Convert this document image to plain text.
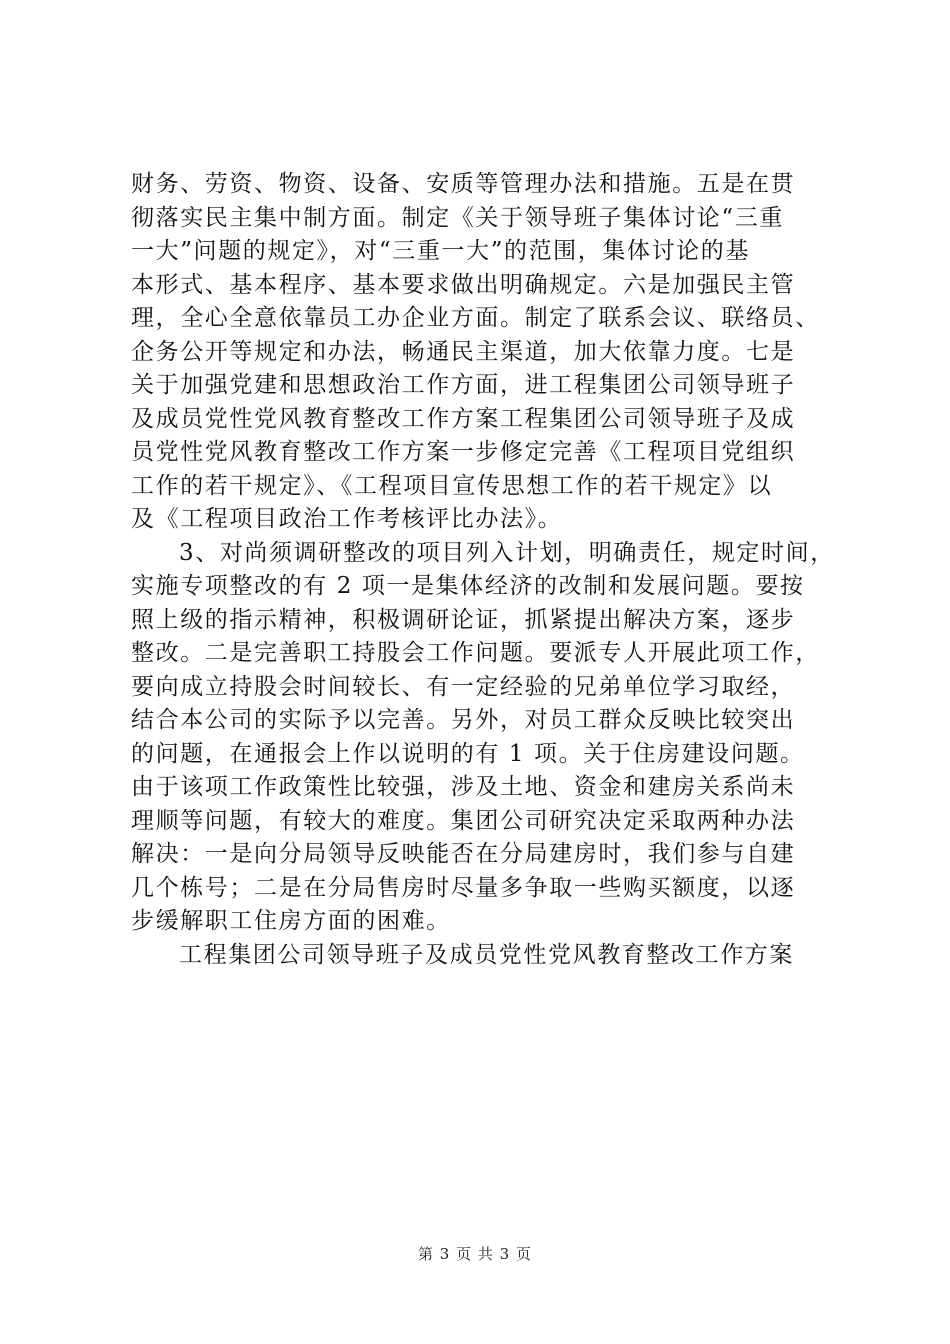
财务、劳资、物资、设备、安质等管理办法和措施。五是在贯
彻落实民主集中制方面。制定《关于领导班子集体讨论“三重
一大”问题的规定》，对“三重一大”的范围，集体讨论的基
本形式、基本程序、基本要求做出明确规定。六是加强民主管
理，全心全意依靠员工办企业方面。制定了联系会议、联络员、
企务公开等规定和办法，畅通民主渠道，加大依靠力度。七是
关于加强党建和思想政治工作方面，进工程集团公司领导班子
及成员党性党风教育整改工作方案工程集团公司领导班子及成
员党性党风教育整改工作方案一步修定完善《工程项目党组织
工作的若干规定》、《工程项目宣传思想工作的若干规定》以
及《工程项目政治工作考核评比办法》。
3、对尚须调研整改的项目列入计划，明确责任，规定时间，
实施专项整改的有 2 项一是集体经济的改制和发展问题。要按
照上级的指示精神，积极调研论证，抓紧提出解决方案，逐步
整改。二是完善职工持股会工作问题。要派专人开展此项工作，
要向成立持股会时间较长、有一定经验的兄弟单位学习取经，
结合本公司的实际予以完善。另外，对员工群众反映比较突出
的问题，在通报会上作以说明的有 1 项。关于住房建设问题。
由于该项工作政策性比较强，涉及土地、资金和建房关系尚未
理顺等问题，有较大的难度。集团公司研究决定采取两种办法
解决：一是向分局领导反映能否在分局建房时，我们参与自建
几个栋号；二是在分局售房时尽量多争取一些购买额度，以逐
步缓解职工住房方面的困难。
工程集团公司领导班子及成员党性党风教育整改工作方案
第 3 页 共 3 页
